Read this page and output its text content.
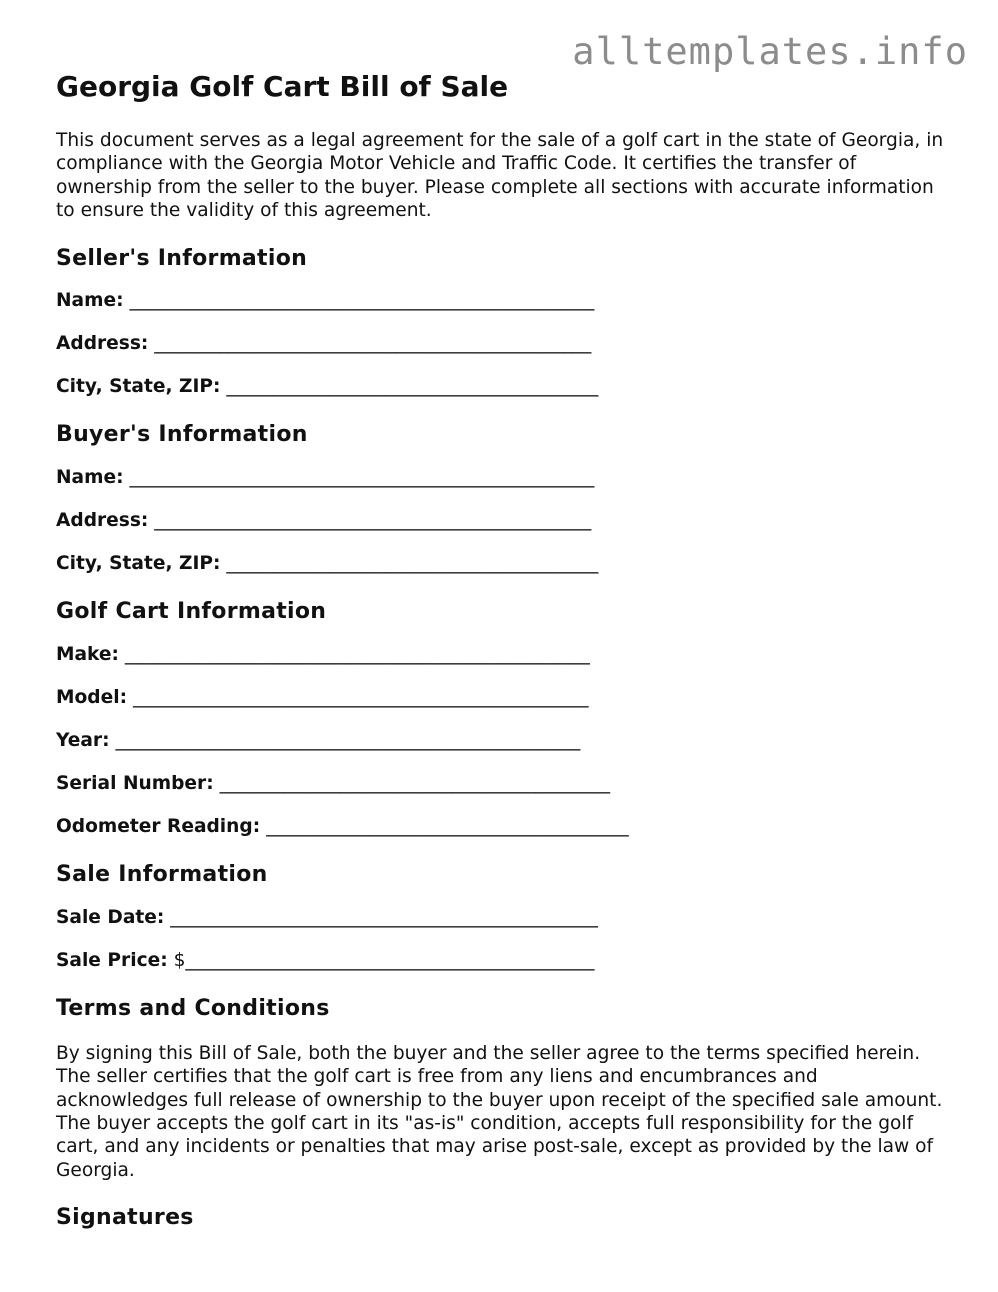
alltemplates.info
Georgia Golf Cart Bill of Sale

This document serves as a legal agreement for the sale of a golf cart in the state of Georgia, in compliance with the Georgia Motor Vehicle and Traffic Code. It certifies the transfer of ownership from the seller to the buyer. Please complete all sections with accurate information to ensure the validity of this agreement.

Seller's Information
Name: __________________________________________________
Address: _______________________________________________
City, State, ZIP: ________________________________________
Buyer's Information
Name: __________________________________________________
Address: _______________________________________________
City, State, ZIP: ________________________________________
Golf Cart Information
Make: __________________________________________________
Model: _________________________________________________
Year: __________________________________________________
Serial Number: __________________________________________
Odometer Reading: _______________________________________
Sale Information
Sale Date: ______________________________________________
Sale Price: $____________________________________________
Terms and Conditions

By signing this Bill of Sale, both the buyer and the seller agree to the terms specified herein. The seller certifies that the golf cart is free from any liens and encumbrances and acknowledges full release of ownership to the buyer upon receipt of the specified sale amount. The buyer accepts the golf cart in its "as-is" condition, accepts full responsibility for the golf cart, and any incidents or penalties that may arise post-sale, except as provided by the law of Georgia.

Signatures
